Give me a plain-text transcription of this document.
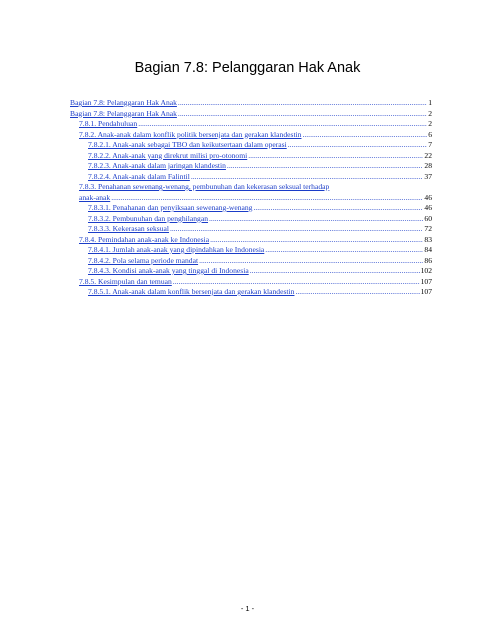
Bagian 7.8: Pelanggaran Hak Anak
Bagian 7.8: Pelanggaran Hak Anak .....	1
Bagian 7.8: Pelanggaran Hak Anak .....	2
7.8.1. Pendahuluan .....	2
7.8.2. Anak-anak dalam konflik politik bersenjata dan gerakan klandestin .....	6
7.8.2.1. Anak-anak sebagai TBO dan keikutsertaan dalam operasi .....	7
7.8.2.2. Anak-anak yang direkrut milisi pro-otonomi .....	22
7.8.2.3. Anak-anak dalam jaringan klandestin .....	28
7.8.2.4. Anak-anak dalam Falintil .....	37
7.8.3. Penahanan sewenang-wenang, pembunuhan dan kekerasan seksual terhadap
anak-anak .....	46
7.8.3.1. Penahanan dan penyiksaan sewenang-wenang .....	46
7.8.3.2. Pembunuhan dan penghilangan .....	60
7.8.3.3. Kekerasan seksual .....	72
7.8.4. Pemindahan anak-anak ke Indonesia .....	83
7.8.4.1. Jumlah anak-anak yang dipindahkan ke Indonesia .....	84
7.8.4.2. Pola selama periode mandat .....	86
7.8.4.3. Kondisi anak-anak yang tinggal di Indonesia .....	102
7.8.5. Kesimpulan dan temuan .....	107
7.8.5.1. Anak-anak dalam konflik bersenjata dan gerakan klandestin .....	107
- 1 -
